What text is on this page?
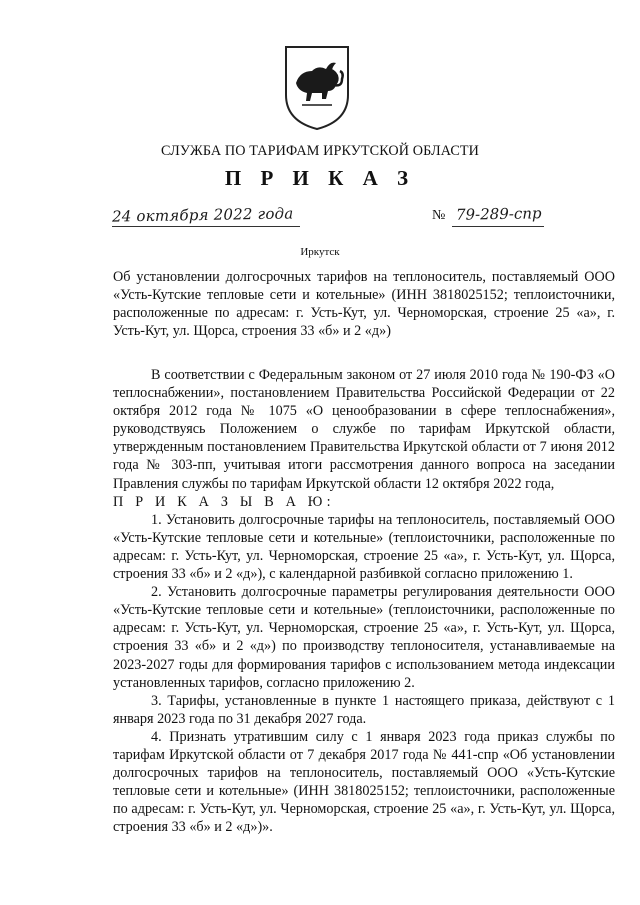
СЛУЖБА ПО ТАРИФАМ ИРКУТСКОЙ ОБЛАСТИ
П Р И К А З
24 октября 2022 года	№ 79-289-спр
Иркутск

Об установлении долгосрочных тарифов на теплоноситель, поставляемый ООО «Усть-Кутские тепловые сети и котельные» (ИНН 3818025152; теплоисточники, расположенные по адресам: г. Усть-Кут, ул. Черноморская, строение 25 «а», г. Усть-Кут, ул. Щорса, строения 33 «б» и 2 «д»)

В соответствии с Федеральным законом от 27 июля 2010 года № 190-ФЗ «О теплоснабжении», постановлением Правительства Российской Федерации от 22 октября 2012 года № 1075 «О ценообразовании в сфере теплоснабжения», руководствуясь Положением о службе по тарифам Иркутской области, утвержденным постановлением Правительства Иркутской области от 7 июня 2012 года № 303-пп, учитывая итоги рассмотрения данного вопроса на заседании Правления службы по тарифам Иркутской области 12 октября 2022 года,

П Р И К А З Ы В А Ю:

1. Установить долгосрочные тарифы на теплоноситель, поставляемый ООО «Усть-Кутские тепловые сети и котельные» (теплоисточники, расположенные по адресам: г. Усть-Кут, ул. Черноморская, строение 25 «а», г. Усть-Кут, ул. Щорса, строения 33 «б» и 2 «д»), с календарной разбивкой согласно приложению 1.

2. Установить долгосрочные параметры регулирования деятельности ООО «Усть-Кутские тепловые сети и котельные» (теплоисточники, расположенные по адресам: г. Усть-Кут, ул. Черноморская, строение 25 «а», г. Усть-Кут, ул. Щорса, строения 33 «б» и 2 «д») по производству теплоносителя, устанавливаемые на 2023-2027 годы для формирования тарифов с использованием метода индексации установленных тарифов, согласно приложению 2.

3. Тарифы, установленные в пункте 1 настоящего приказа, действуют с 1 января 2023 года по 31 декабря 2027 года.

4. Признать утратившим силу с 1 января 2023 года приказ службы по тарифам Иркутской области от 7 декабря 2017 года № 441-спр «Об установлении долгосрочных тарифов на теплоноситель, поставляемый ООО «Усть-Кутские тепловые сети и котельные» (ИНН 3818025152; теплоисточники, расположенные по адресам: г. Усть-Кут, ул. Черноморская, строение 25 «а», г. Усть-Кут, ул. Щорса, строения 33 «б» и 2 «д»)».
